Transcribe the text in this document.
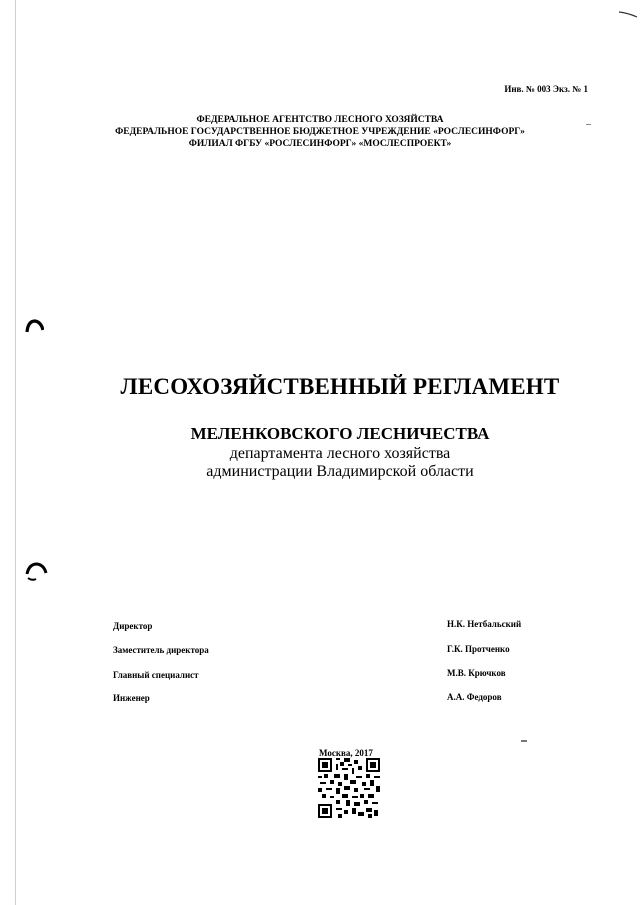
Инв. № 003 Экз. № 1
ФЕДЕРАЛЬНОЕ АГЕНТСТВО ЛЕСНОГО ХОЗЯЙСТВА
ФЕДЕРАЛЬНОЕ ГОСУДАРСТВЕННОЕ БЮДЖЕТНОЕ УЧРЕЖДЕНИЕ «РОСЛЕСИНФОРГ»
ФИЛИАЛ ФГБУ «РОСЛЕСИНФОРГ» «МОСЛЕСПРОЕКТ»
ЛЕСОХОЗЯЙСТВЕННЫЙ РЕГЛАМЕНТ
МЕЛЕНКОВСКОГО ЛЕСНИЧЕСТВА
департамента лесного хозяйства
администрации Владимирской области
Директор	Н.К. Нетбальский
Заместитель директора	Г.К. Протченко
Главный специалист	М.В. Крючков
Инженер	А.А. Федоров
Москва, 2017
